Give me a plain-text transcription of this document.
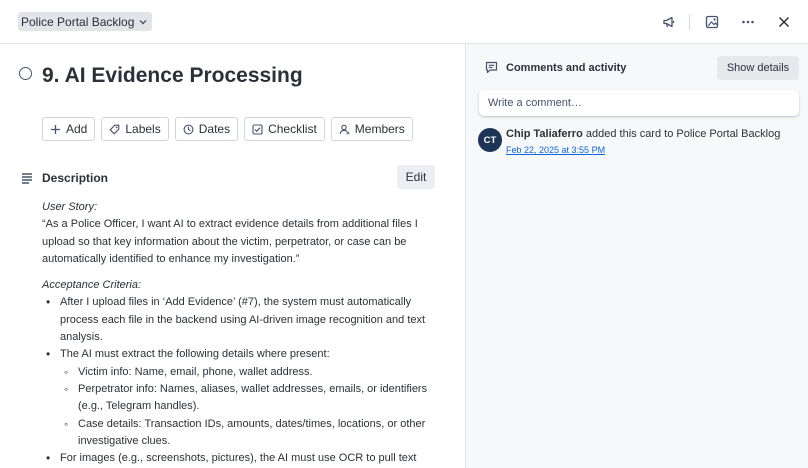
Police Portal Backlog
9. AI Evidence Processing
Add	Labels	Dates	Checklist	Members
Description	Edit
User Story:

“As a Police Officer, I want AI to extract evidence details from additional files I upload so that key information about the victim, perpetrator, or case can be automatically identified to enhance my investigation.”

Acceptance Criteria:
• After I upload files in ‘Add Evidence’ (#7), the system must automatically process each file in the backend using AI-driven image recognition and text analysis.
• The AI must extract the following details where present:
◦ Victim info: Name, email, phone, wallet address.
◦ Perpetrator info: Names, aliases, wallet addresses, emails, or identifiers (e.g., Telegram handles).
◦ Case details: Transaction IDs, amounts, dates/times, locations, or other investigative clues.
• For images (e.g., screenshots, pictures), the AI must use OCR to pull text
Comments and activity	Show details
Write a comment…
CT Chip Taliaferro added this card to Police Portal Backlog
Feb 22, 2025 at 3:55 PM
